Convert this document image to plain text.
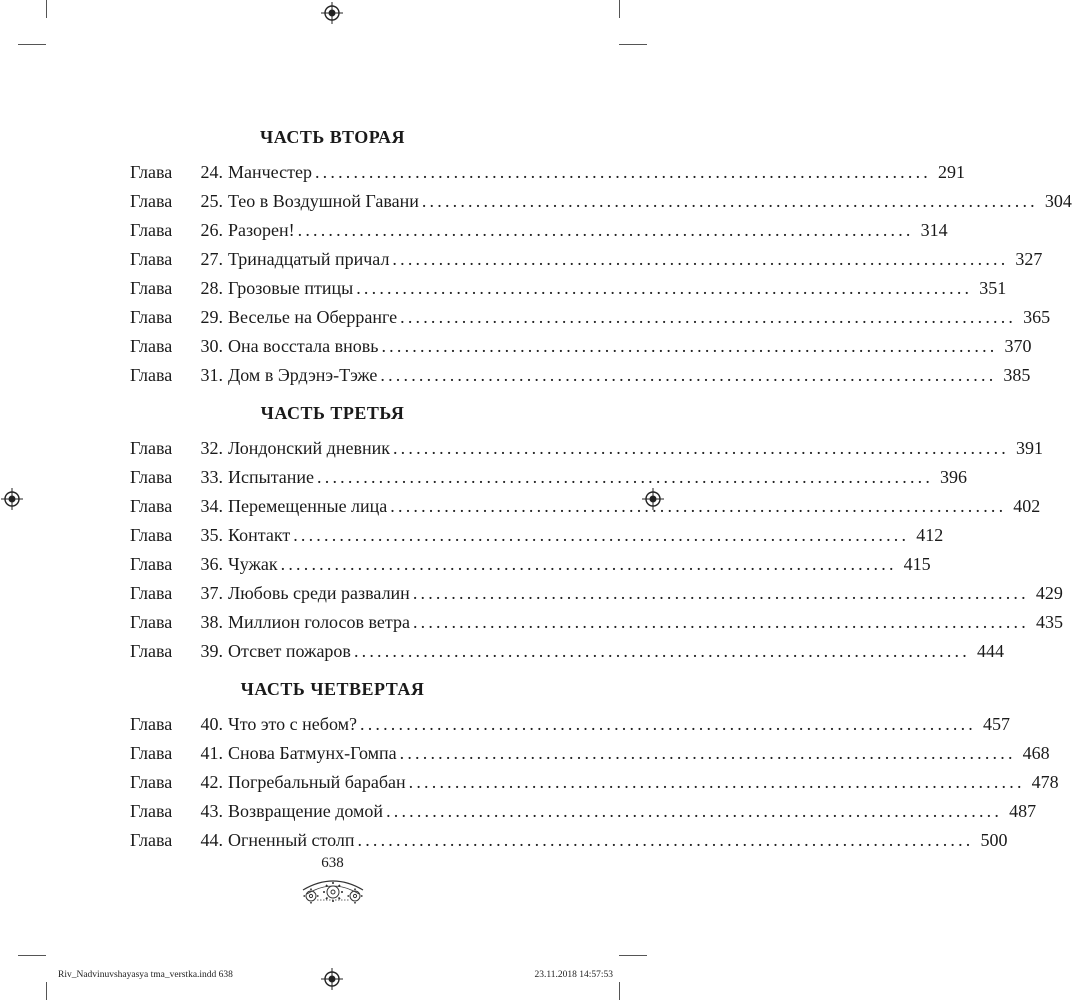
ЧАСТЬ ВТОРАЯ
Глава	24. Манчестер ................................................................................ 291
Глава	25. Тео в Воздушной Гавани ................................................................................ 304
Глава	26. Разорен! ................................................................................ 314
Глава	27. Тринадцатый причал ................................................................................ 327
Глава	28. Грозовые птицы ................................................................................ 351
Глава	29. Веселье на Оберранге ................................................................................ 365
Глава	30. Она восстала вновь ................................................................................ 370
Глава	31. Дом в Эрдэнэ-Тэже ................................................................................ 385
ЧАСТЬ ТРЕТЬЯ
Глава	32. Лондонский дневник ................................................................................ 391
Глава	33. Испытание ................................................................................ 396
Глава	34. Перемещенные лица ................................................................................ 402
Глава	35. Контакт ................................................................................ 412
Глава	36. Чужак ................................................................................ 415
Глава	37. Любовь среди развалин ................................................................................ 429
Глава	38. Миллион голосов ветра ................................................................................ 435
Глава	39. Отсвет пожаров ................................................................................ 444
ЧАСТЬ ЧЕТВЕРТАЯ
Глава	40. Что это с небом? ................................................................................ 457
Глава	41. Снова Батмунх-Гомпа ................................................................................ 468
Глава	42. Погребальный барабан ................................................................................ 478
Глава	43. Возвращение домой ................................................................................ 487
Глава	44. Огненный столп ................................................................................ 500
638
Riv_Nadvinuvshayasya tma_verstka.indd 638	23.11.2018 14:57:53
